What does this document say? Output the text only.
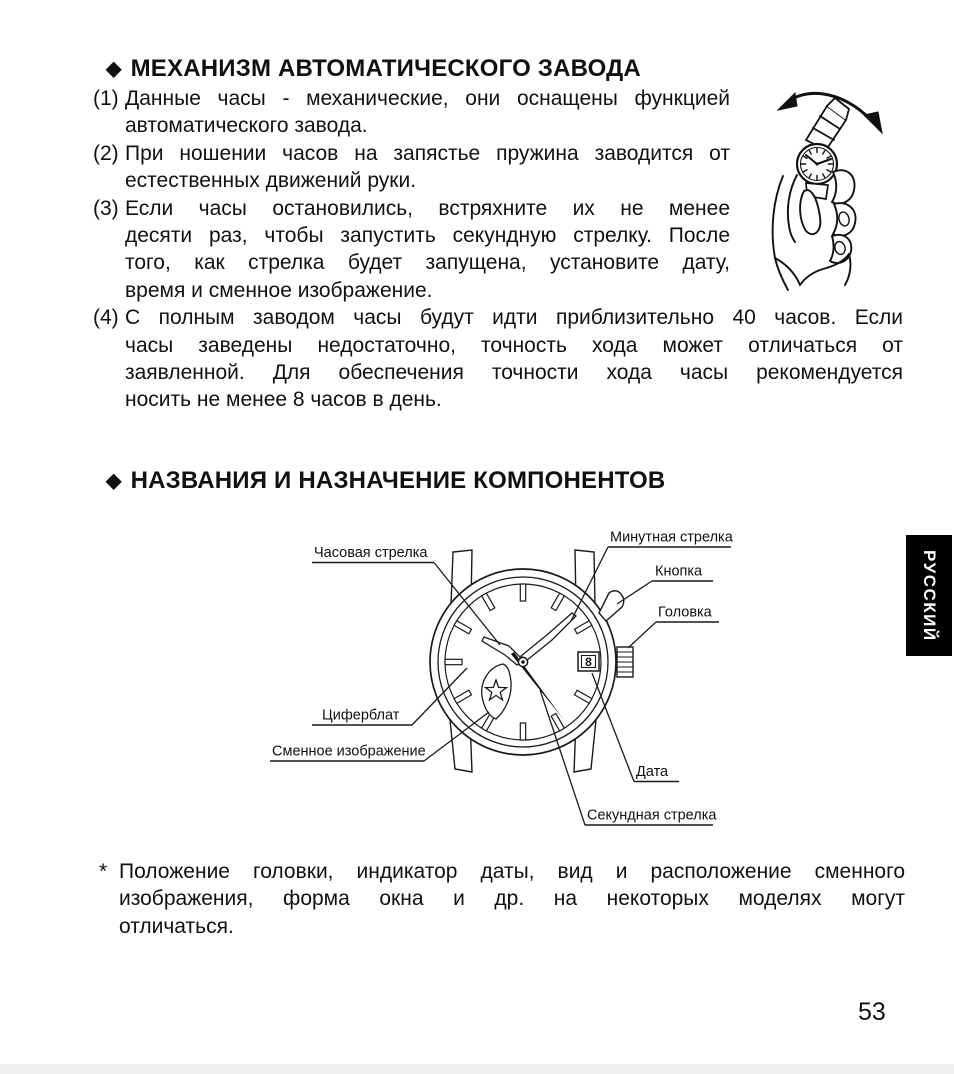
◆ МЕХАНИЗМ АВТОМАТИЧЕСКОГО ЗАВОДА
(1) Данные часы - механические, они оснащены функцией
автоматического завода.
(2) При ношении часов на запястье пружина заводится от
естественных движений руки.
(3) Если часы остановились, встряхните их не менее
десяти раз, чтобы запустить секундную стрелку. После
того, как стрелка будет запущена, установите дату,
время и сменное изображение.
(4) С полным заводом часы будут идти приблизительно 40 часов. Если
часы заведены недостаточно, точность хода может отличаться от
заявленной. Для обеспечения точности хода часы рекомендуется
носить не менее 8 часов в день.
◆ НАЗВАНИЯ И НАЗНАЧЕНИЕ КОМПОНЕНТОВ
Часовая стрелка
Минутная стрелка
Кнопка
Головка
Циферблат
Сменное изображение
Дата
Секундная стрелка
8
* Положение головки, индикатор даты, вид и расположение сменного
изображения, форма окна и др. на некоторых моделях могут
отличаться.
РУССКИЙ
53
